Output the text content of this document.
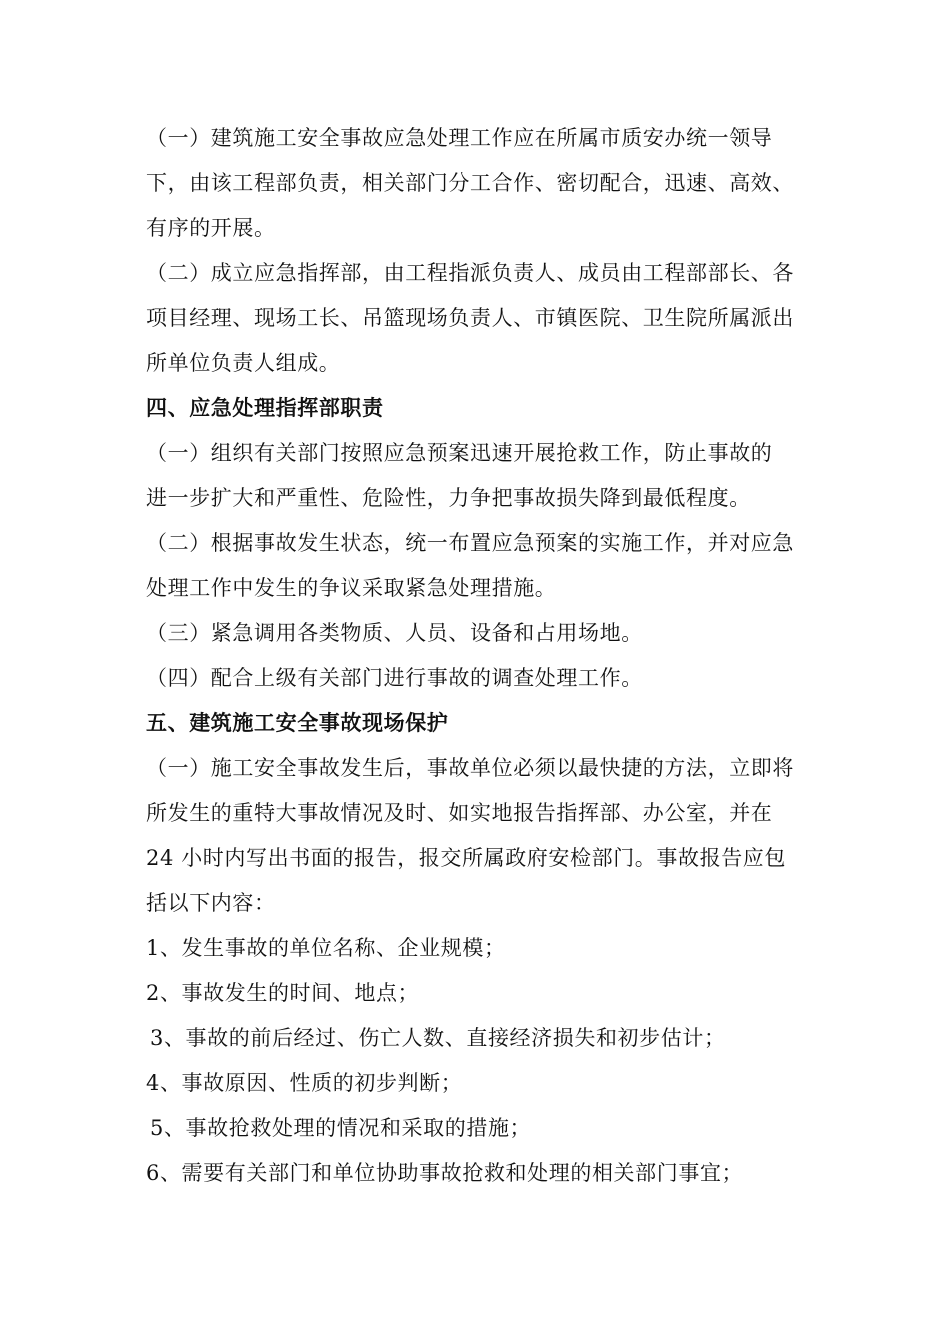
（一）建筑施工安全事故应急处理工作应在所属市质安办统一领导
下，由该工程部负责，相关部门分工合作、密切配合，迅速、高效、
有序的开展。
（二）成立应急指挥部，由工程指派负责人、成员由工程部部长、各
项目经理、现场工长、吊篮现场负责人、市镇医院、卫生院所属派出
所单位负责人组成。
四、应急处理指挥部职责
（一）组织有关部门按照应急预案迅速开展抢救工作，防止事故的
进一步扩大和严重性、危险性，力争把事故损失降到最低程度。
（二）根据事故发生状态，统一布置应急预案的实施工作，并对应急
处理工作中发生的争议采取紧急处理措施。
（三）紧急调用各类物质、人员、设备和占用场地。
（四）配合上级有关部门进行事故的调查处理工作。
五、建筑施工安全事故现场保护
（一）施工安全事故发生后，事故单位必须以最快捷的方法，立即将
所发生的重特大事故情况及时、如实地报告指挥部、办公室，并在
24 小时内写出书面的报告，报交所属政府安检部门。事故报告应包
括以下内容：
1、发生事故的单位名称、企业规模；
2、事故发生的时间、地点；
3、事故的前后经过、伤亡人数、直接经济损失和初步估计；
4、事故原因、性质的初步判断；
5、事故抢救处理的情况和采取的措施；
6、需要有关部门和单位协助事故抢救和处理的相关部门事宜；
